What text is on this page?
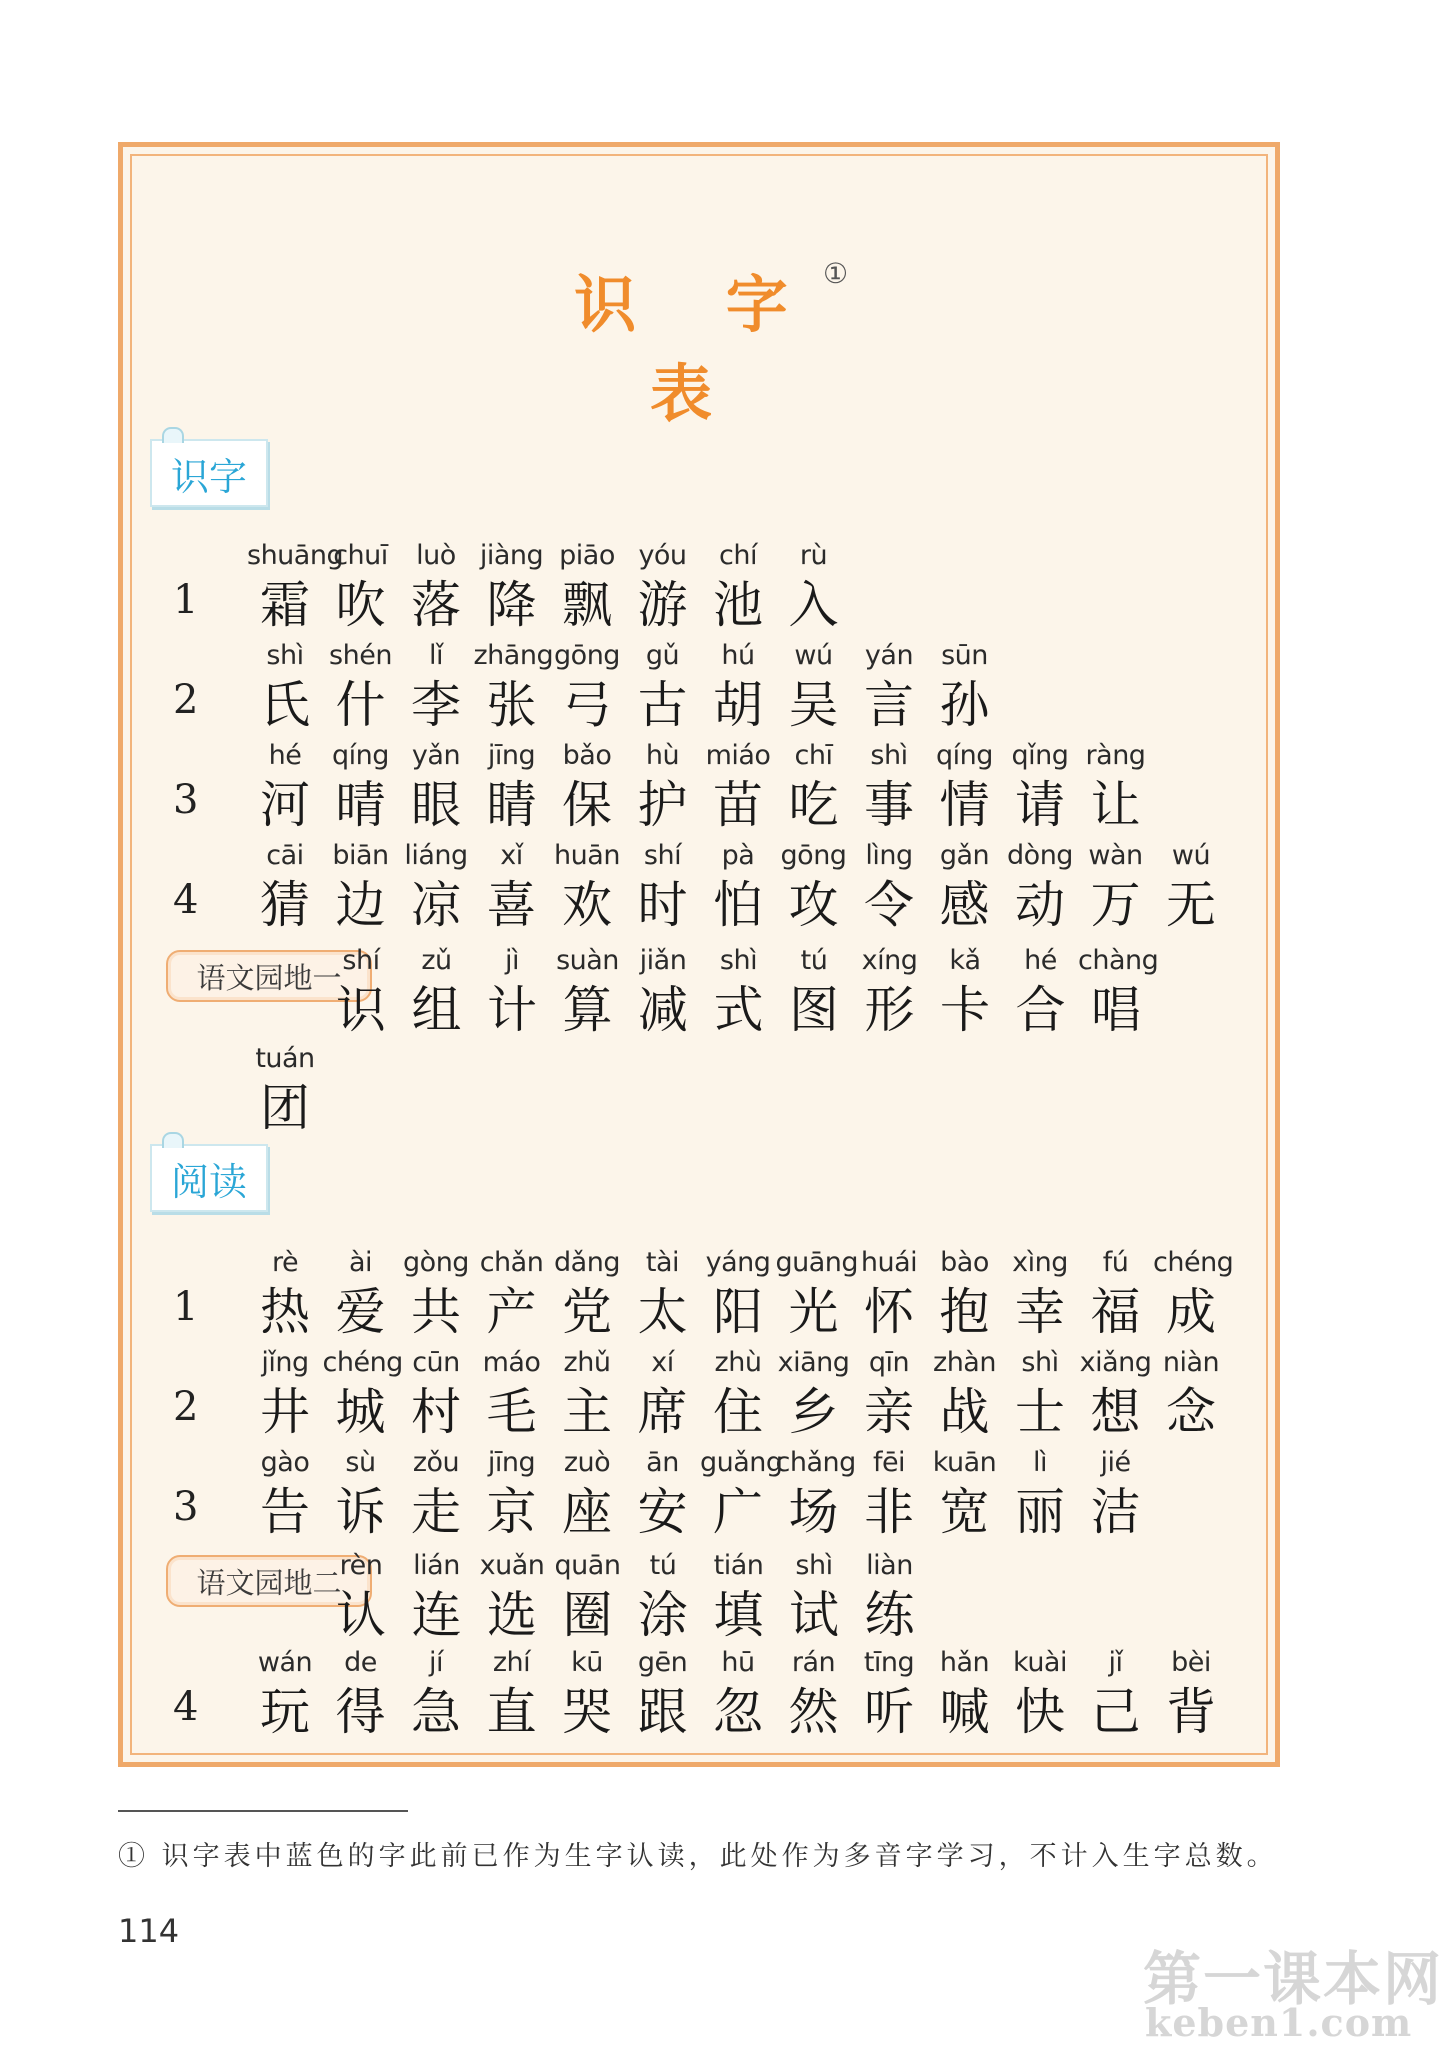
识 字 表
①
识字
1
shuāng
霜
chuī
吹
luò
落
jiàng
降
piāo
飘
yóu
游
chí
池
rù
入
2
shì
氏
shén
什
lǐ
李
zhāng
张
gōng
弓
gǔ
古
hú
胡
wú
吴
yán
言
sūn
孙
3
hé
河
qíng
晴
yǎn
眼
jīng
睛
bǎo
保
hù
护
miáo
苗
chī
吃
shì
事
qíng
情
qǐng
请
ràng
让
4
cāi
猜
biān
边
liáng
凉
xǐ
喜
huān
欢
shí
时
pà
怕
gōng
攻
lìng
令
gǎn
感
dòng
动
wàn
万
wú
无
语文园地一 shí
识
zǔ
组
jì
计
suàn
算
jiǎn
减
shì
式
tú
图
xíng
形
kǎ
卡
hé
合
chàng
唱
tuán
团
阅读
1
rè
热
ài
爱
gòng
共
chǎn
产
dǎng
党
tài
太
yáng
阳
guāng
光
huái
怀
bào
抱
xìng
幸
fú
福
chéng
成
2
jǐng
井
chéng
城
cūn
村
máo
毛
zhǔ
主
xí
席
zhù
住
xiāng
乡
qīn
亲
zhàn
战
shì
士
xiǎng
想
niàn
念
3
gào
告
sù
诉
zǒu
走
jīng
京
zuò
座
ān
安
guǎng
广
chǎng
场
fēi
非
kuān
宽
lì
丽
jié
洁
语文园地二
rèn
认
lián
连
xuǎn
选
quān
圈
tú
涂
tián
填
shì
试
liàn
练
4
wán
玩
de
得
jí
急
zhí
直
kū
哭
gēn
跟
hū
忽
rán
然
tīng
听
hǎn
喊
kuài
快
jǐ
己
bèi
背
① 识字表中蓝色的字此前已作为生字认读，此处作为多音字学习，不计入生字总数。
114
第一课本网
keben1.com
